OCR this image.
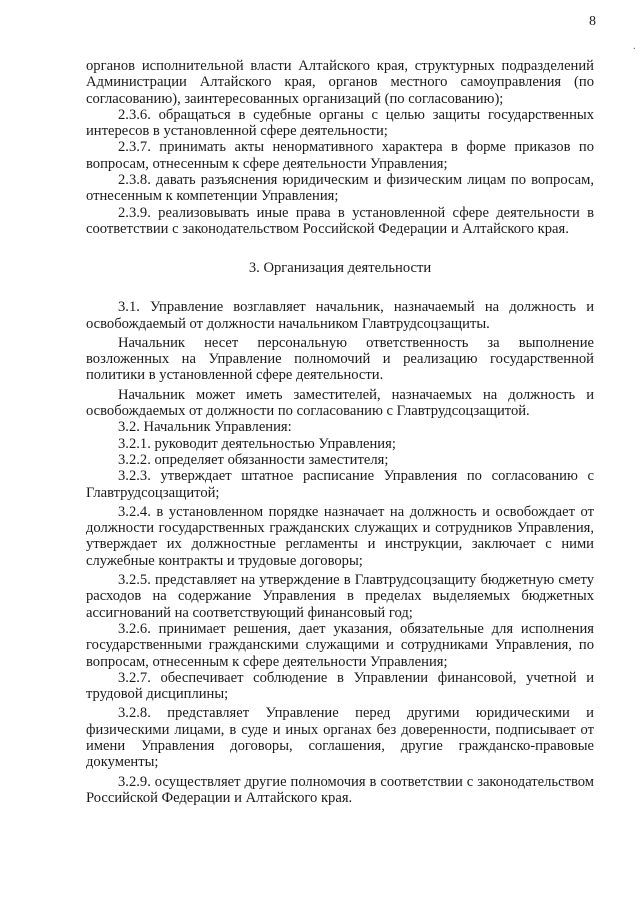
8
·

органов исполнительной власти Алтайского края, структурных подразделений Администрации Алтайского края, органов местного самоуправления (по согласованию), заинтересованных организаций (по согласованию);

2.3.6. обращаться в судебные органы с целью защиты государственных интересов в установленной сфере деятельности;

2.3.7. принимать акты ненормативного характера в форме приказов по вопросам, отнесенным к сфере деятельности Управления;

2.3.8. давать разъяснения юридическим и физическим лицам по вопросам, отнесенным к компетенции Управления;

2.3.9. реализовывать иные права в установленной сфере деятельности в соответствии с законодательством Российской Федерации и Алтайского края.

3. Организация деятельности

3.1. Управление возглавляет начальник, назначаемый на должность и освобождаемый от должности начальником Главтрудсоцзащиты.

Начальник несет персональную ответственность за выполнение возложенных на Управление полномочий и реализацию государственной политики в установленной сфере деятельности.

Начальник может иметь заместителей, назначаемых на должность и освобождаемых от должности по согласованию с Главтрудсоцзащитой.

3.2. Начальник Управления:

3.2.1. руководит деятельностью Управления;

3.2.2. определяет обязанности заместителя;

3.2.3. утверждает штатное расписание Управления по согласованию с Главтрудсоцзащитой;

3.2.4. в установленном порядке назначает на должность и освобождает от должности государственных гражданских служащих и сотрудников Управления, утверждает их должностные регламенты и инструкции, заключает с ними служебные контракты и трудовые договоры;

3.2.5. представляет на утверждение в Главтрудсоцзащиту бюджетную смету расходов на содержание Управления в пределах выделяемых бюджетных ассигнований на соответствующий финансовый год;

3.2.6. принимает решения, дает указания, обязательные для исполнения государственными гражданскими служащими и сотрудниками Управления, по вопросам, отнесенным к сфере деятельности Управления;

3.2.7. обеспечивает соблюдение в Управлении финансовой, учетной и трудовой дисциплины;

3.2.8. представляет Управление перед другими юридическими и физическими лицами, в суде и иных органах без доверенности, подписывает от имени Управления договоры, соглашения, другие гражданско-правовые документы;

3.2.9. осуществляет другие полномочия в соответствии с законодательством Российской Федерации и Алтайского края.
